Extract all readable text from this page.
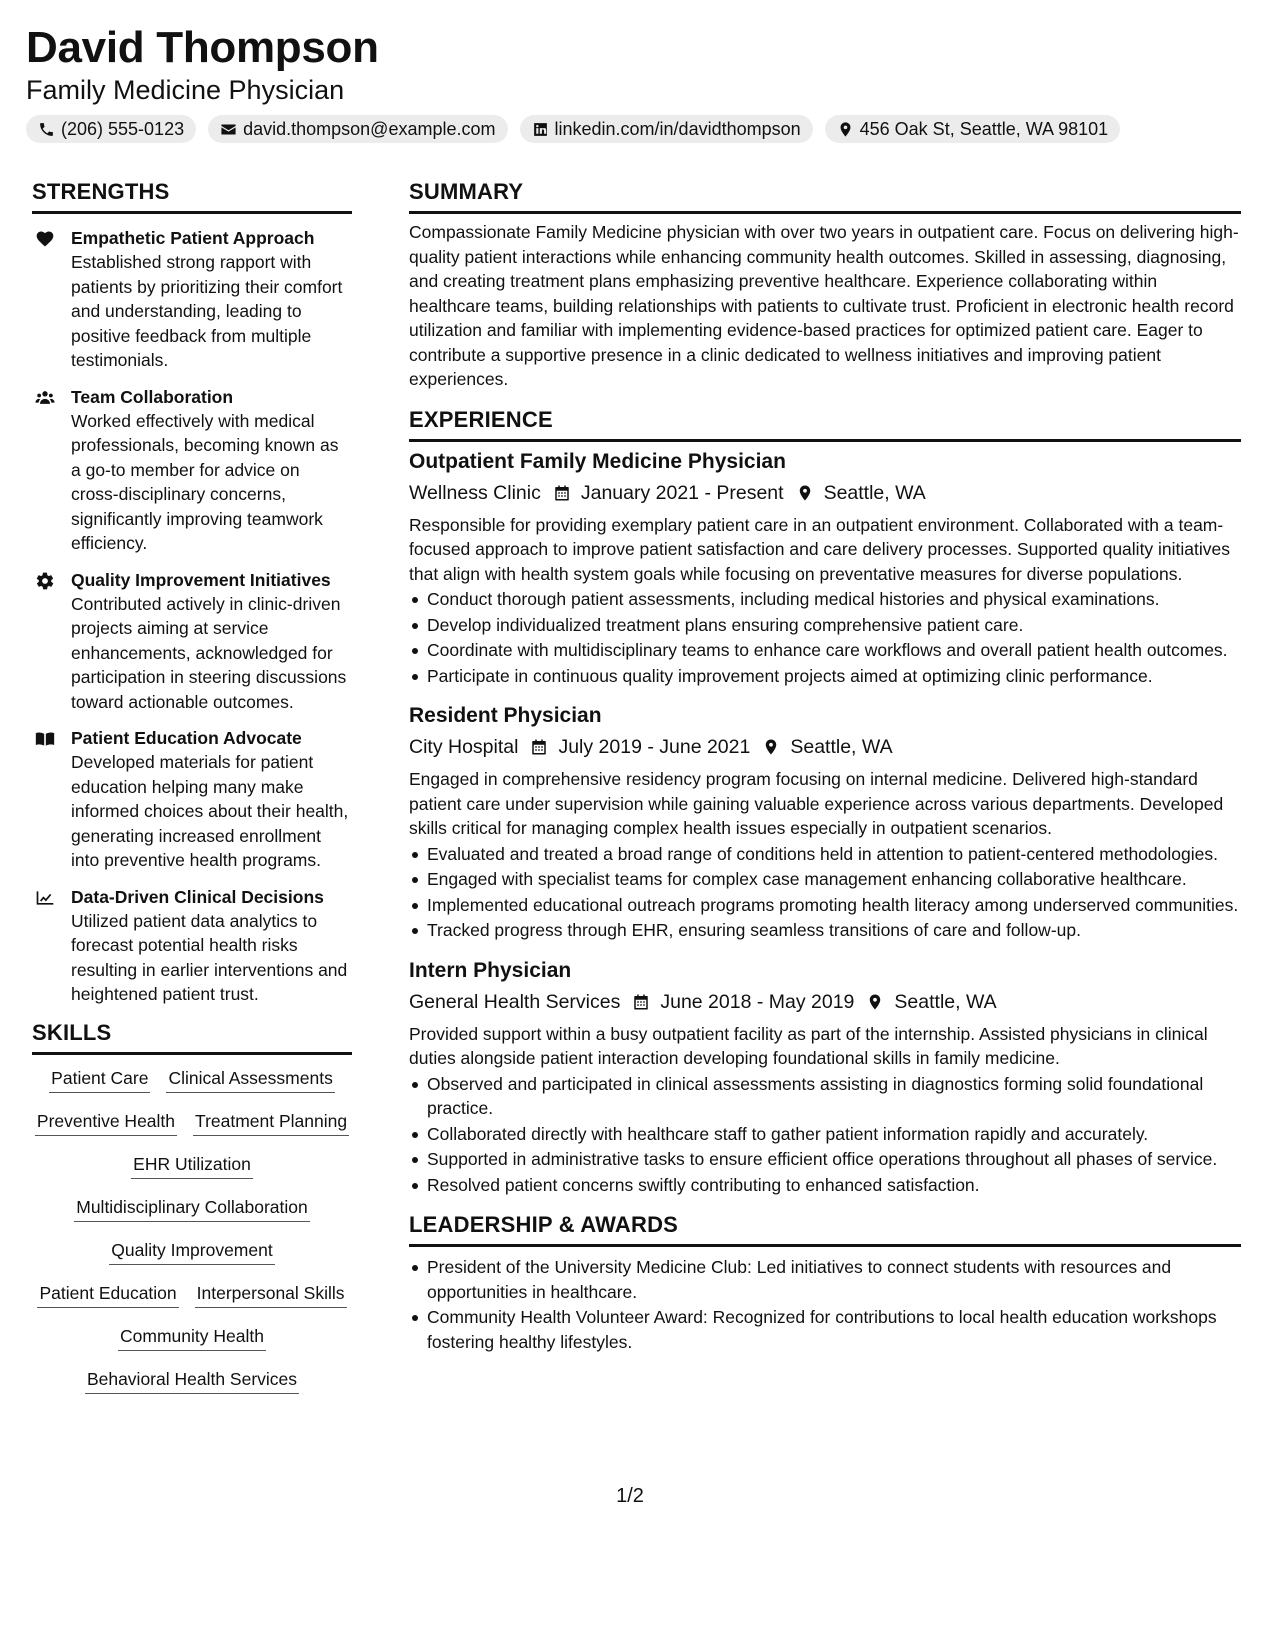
David Thompson
Family Medicine Physician
(206) 555-0123	david.thompson@example.com	linkedin.com/in/davidthompson	456 Oak St, Seattle, WA 98101
STRENGTHS
Empathetic Patient Approach
Established strong rapport with patients by prioritizing their comfort and understanding, leading to positive feedback from multiple testimonials.
Team Collaboration
Worked effectively with medical professionals, becoming known as a go-to member for advice on cross-disciplinary concerns, significantly improving teamwork efficiency.
Quality Improvement Initiatives
Contributed actively in clinic-driven projects aiming at service enhancements, acknowledged for participation in steering discussions toward actionable outcomes.
Patient Education Advocate
Developed materials for patient education helping many make informed choices about their health, generating increased enrollment into preventive health programs.
Data-Driven Clinical Decisions
Utilized patient data analytics to forecast potential health risks resulting in earlier interventions and heightened patient trust.
SKILLS
Patient Care Clinical Assessments
Preventive Health Treatment Planning
EHR Utilization
Multidisciplinary Collaboration
Quality Improvement
Patient Education Interpersonal Skills
Community Health
Behavioral Health Services
SUMMARY
Compassionate Family Medicine physician with over two years in outpatient care. Focus on delivering high-quality patient interactions while enhancing community health outcomes. Skilled in assessing, diagnosing, and creating treatment plans emphasizing preventive healthcare. Experience collaborating within healthcare teams, building relationships with patients to cultivate trust. Proficient in electronic health record utilization and familiar with implementing evidence-based practices for optimized patient care. Eager to contribute a supportive presence in a clinic dedicated to wellness initiatives and improving patient experiences.
EXPERIENCE
Outpatient Family Medicine Physician
Wellness Clinic January 2021 - Present Seattle, WA
Responsible for providing exemplary patient care in an outpatient environment. Collaborated with a team-focused approach to improve patient satisfaction and care delivery processes. Supported quality initiatives that align with health system goals while focusing on preventative measures for diverse populations.
Conduct thorough patient assessments, including medical histories and physical examinations.
Develop individualized treatment plans ensuring comprehensive patient care.
Coordinate with multidisciplinary teams to enhance care workflows and overall patient health outcomes.
Participate in continuous quality improvement projects aimed at optimizing clinic performance.
Resident Physician
City Hospital July 2019 - June 2021 Seattle, WA
Engaged in comprehensive residency program focusing on internal medicine. Delivered high-standard patient care under supervision while gaining valuable experience across various departments. Developed skills critical for managing complex health issues especially in outpatient scenarios.
Evaluated and treated a broad range of conditions held in attention to patient-centered methodologies.
Engaged with specialist teams for complex case management enhancing collaborative healthcare.
Implemented educational outreach programs promoting health literacy among underserved communities.
Tracked progress through EHR, ensuring seamless transitions of care and follow-up.
Intern Physician
General Health Services June 2018 - May 2019 Seattle, WA
Provided support within a busy outpatient facility as part of the internship. Assisted physicians in clinical duties alongside patient interaction developing foundational skills in family medicine.
Observed and participated in clinical assessments assisting in diagnostics forming solid foundational practice.
Collaborated directly with healthcare staff to gather patient information rapidly and accurately.
Supported in administrative tasks to ensure efficient office operations throughout all phases of service.
Resolved patient concerns swiftly contributing to enhanced satisfaction.
LEADERSHIP & AWARDS
President of the University Medicine Club: Led initiatives to connect students with resources and opportunities in healthcare.
Community Health Volunteer Award: Recognized for contributions to local health education workshops fostering healthy lifestyles.
1/2
